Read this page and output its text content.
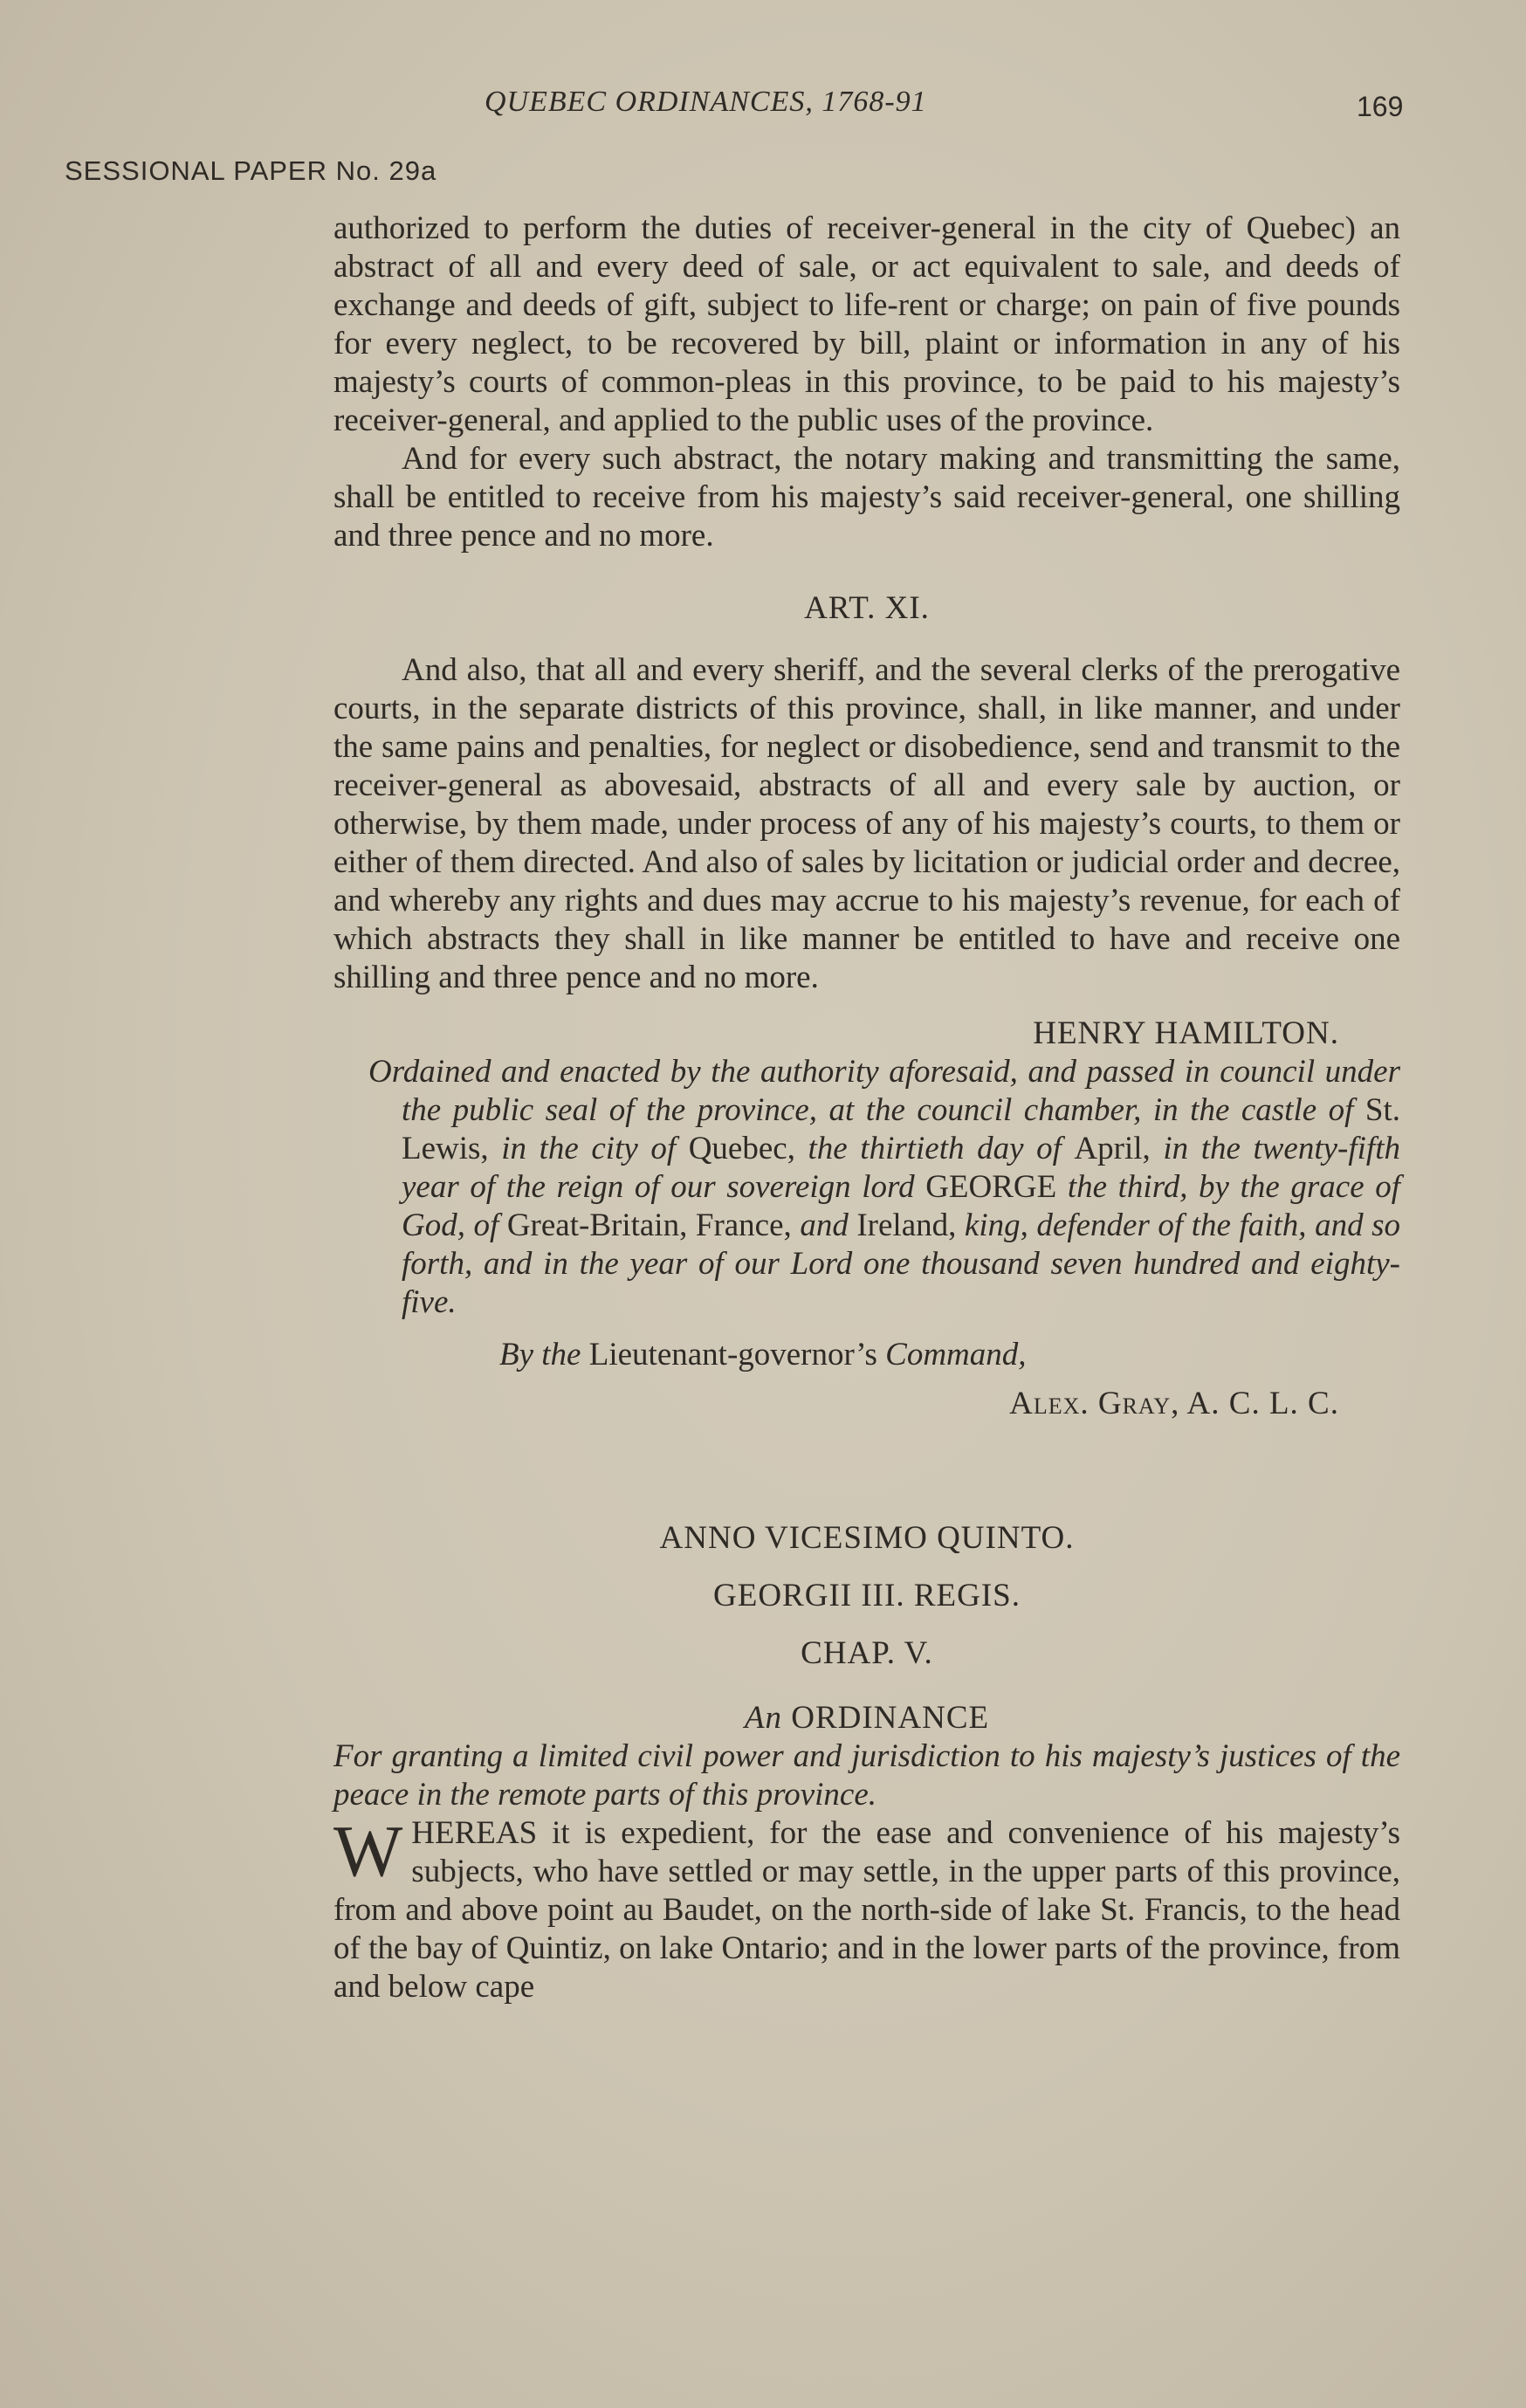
QUEBEC ORDINANCES, 1768-91	169
SESSIONAL PAPER No. 29a

authorized to perform the duties of receiver-general in the city of Quebec) an abstract of all and every deed of sale, or act equivalent to sale, and deeds of exchange and deeds of gift, subject to life-rent or charge; on pain of five pounds for every neglect, to be recovered by bill, plaint or information in any of his majesty’s courts of common-pleas in this province, to be paid to his majesty’s receiver-general, and applied to the public uses of the province.

And for every such abstract, the notary making and transmitting the same, shall be entitled to receive from his majesty’s said receiver-general, one shilling and three pence and no more.

ART. XI.

And also, that all and every sheriff, and the several clerks of the prerogative courts, in the separate districts of this province, shall, in like manner, and under the same pains and penalties, for neglect or disobedience, send and transmit to the receiver-general as abovesaid, abstracts of all and every sale by auction, or otherwise, by them made, under process of any of his majesty’s courts, to them or either of them directed. And also of sales by licitation or judicial order and decree, and whereby any rights and dues may accrue to his majesty’s revenue, for each of which abstracts they shall in like manner be entitled to have and receive one shilling and three pence and no more.

HENRY HAMILTON.

Ordained and enacted by the authority aforesaid, and passed in council under the public seal of the province, at the council chamber, in the castle of St. Lewis, in the city of Quebec, the thirtieth day of April, in the twenty-fifth year of the reign of our sovereign lord GEORGE the third, by the grace of God, of Great-Britain, France, and Ireland, king, defender of the faith, and so forth, and in the year of our Lord one thousand seven hundred and eighty-five.

By the Lieutenant-governor’s Command,
Alex. Gray, A. C. L. C.
ANNO VICESIMO QUINTO.
GEORGII III. REGIS.
CHAP. V.
An ORDINANCE

For granting a limited civil power and jurisdiction to his majesty’s justices of the peace in the remote parts of this province.

WHEREAS it is expedient, for the ease and convenience of his majesty’s subjects, who have settled or may settle, in the upper parts of this province, from and above point au Baudet, on the north-side of lake St. Francis, to the head of the bay of Quintiz, on lake Ontario; and in the lower parts of the province, from and below cape
